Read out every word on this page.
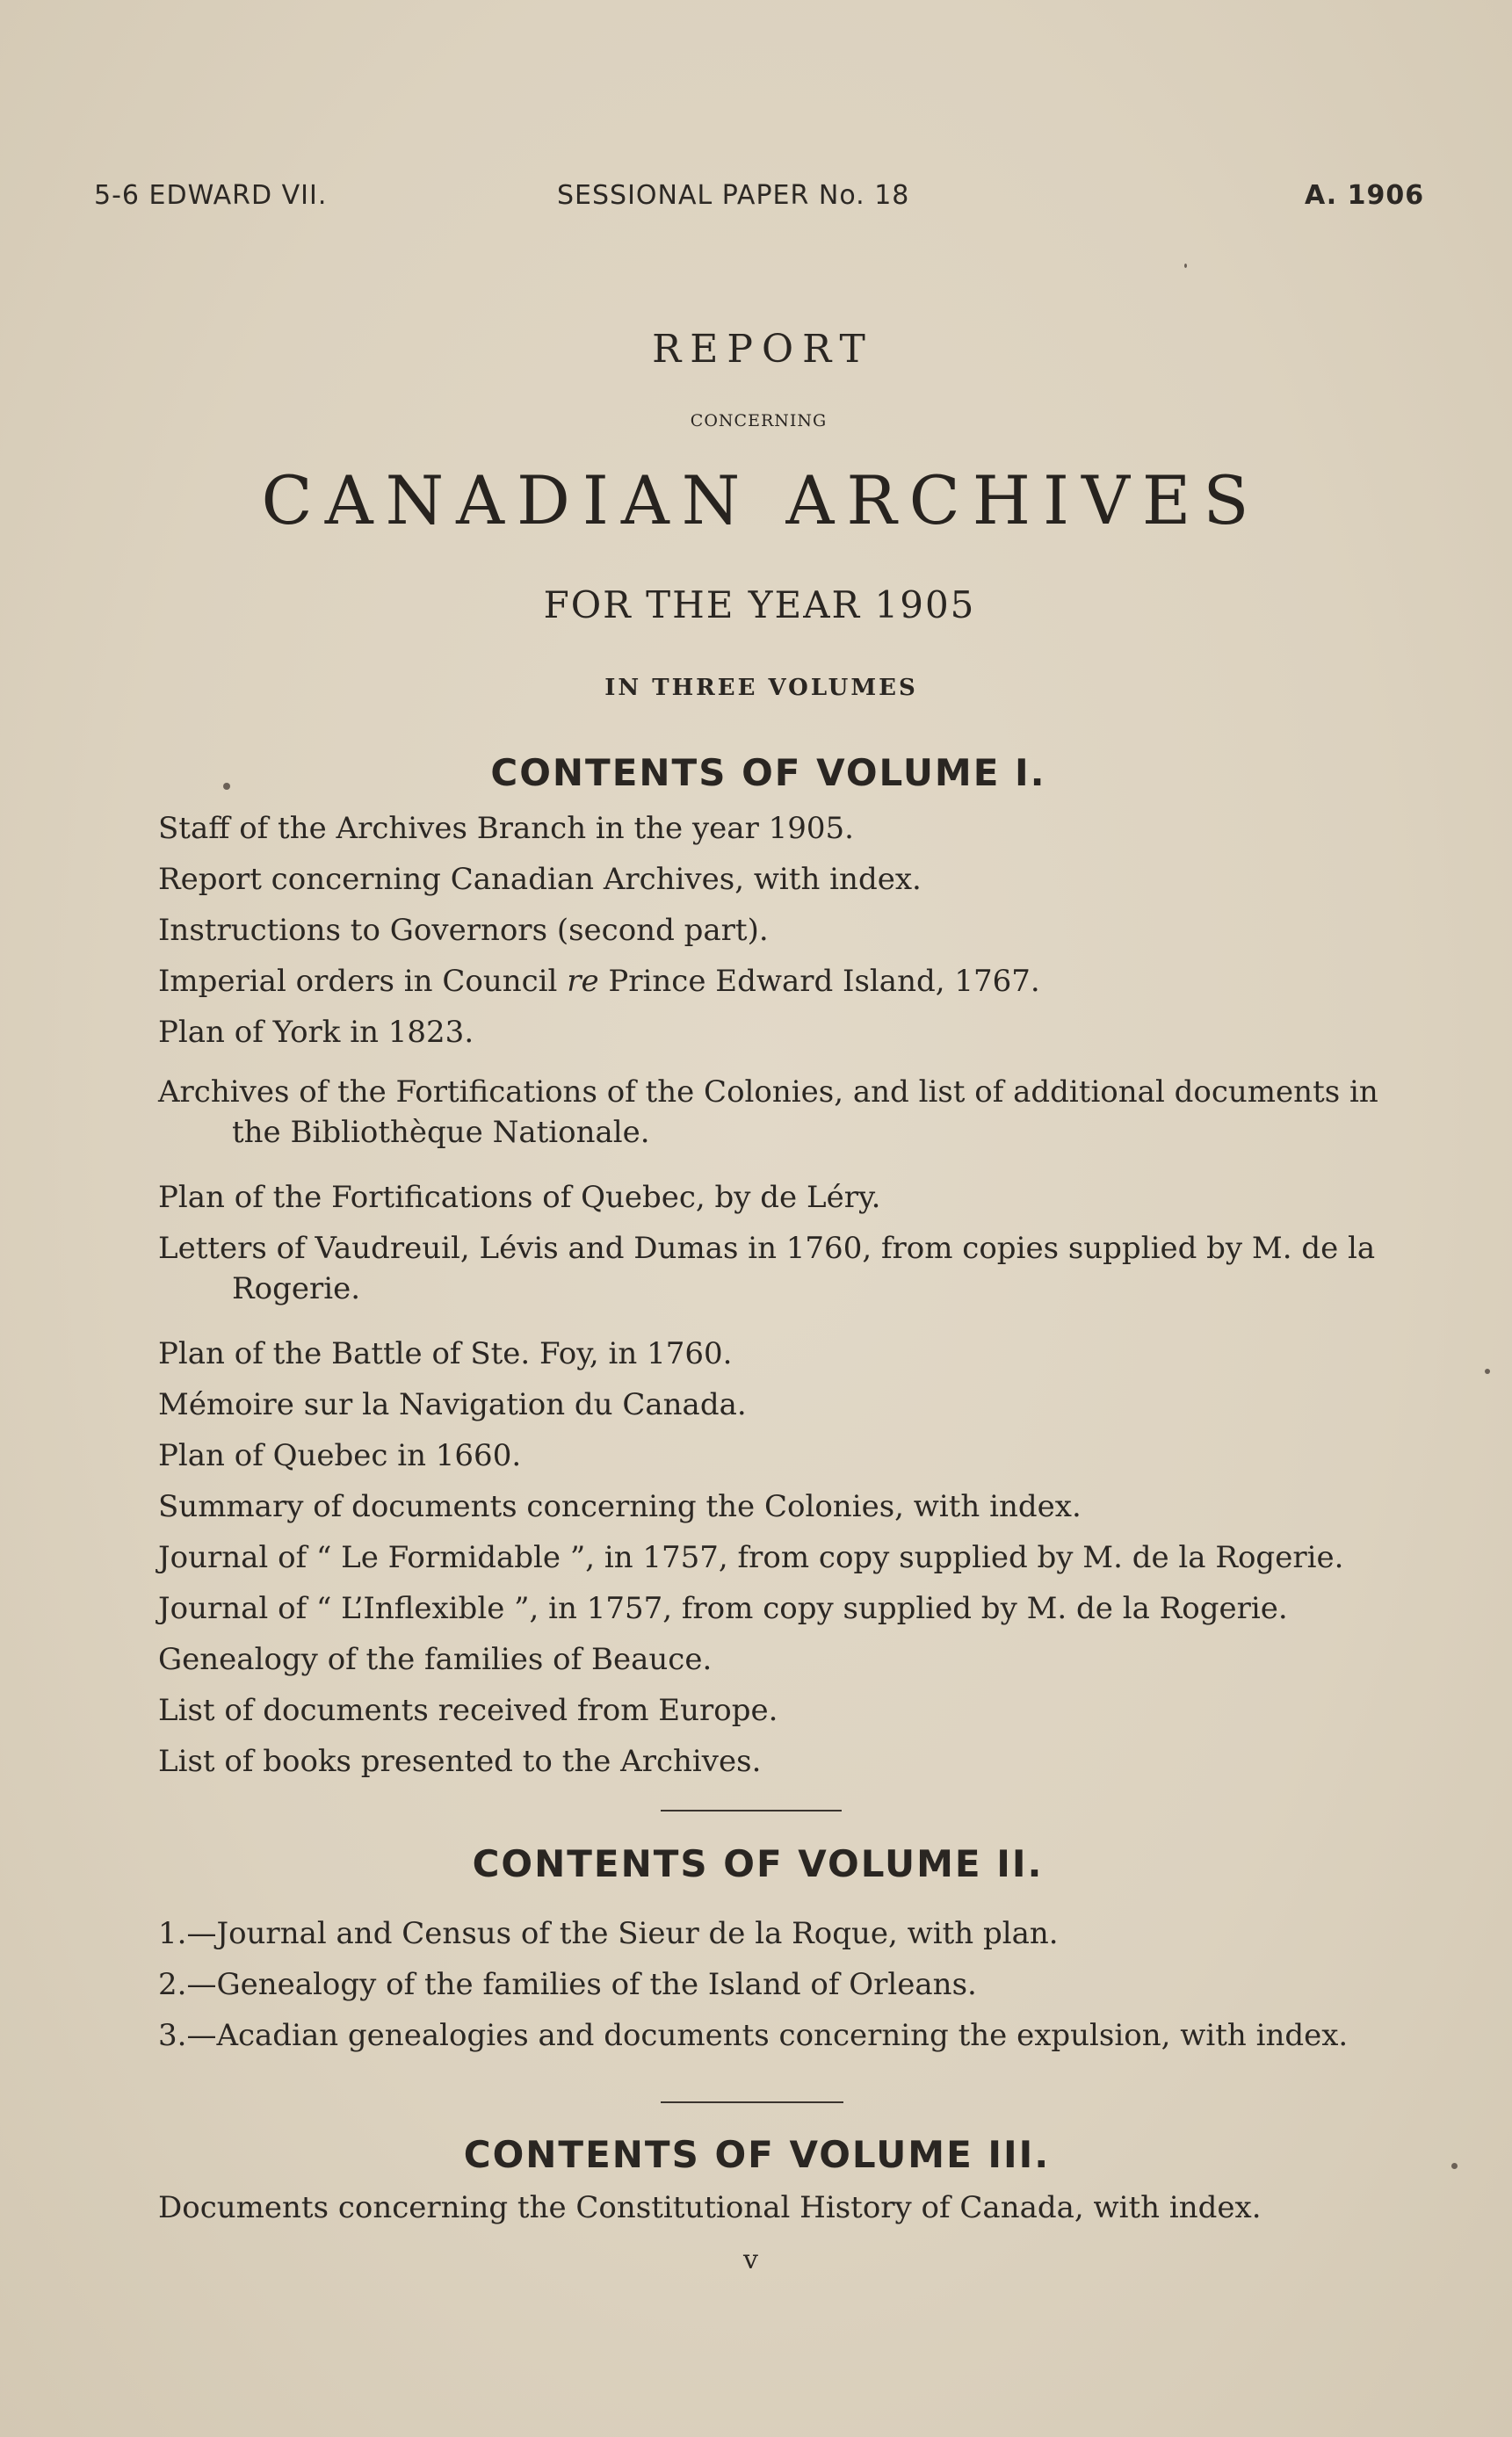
5-6 EDWARD VII.	SESSIONAL PAPER No. 18	A. 1906
REPORT
CONCERNING
CANADIAN ARCHIVES
FOR THE YEAR 1905
IN THREE VOLUMES
CONTENTS OF VOLUME I.
Staff of the Archives Branch in the year 1905.
Report concerning Canadian Archives, with index.
Instructions to Governors (second part).
Imperial orders in Council re Prince Edward Island, 1767.
Plan of York in 1823.
Archives of the Fortifications of the Colonies, and list of additional documents in
the Bibliothèque Nationale.
Plan of the Fortifications of Quebec, by de Léry.
Letters of Vaudreuil, Lévis and Dumas in 1760, from copies supplied by M. de la
Rogerie.
Plan of the Battle of Ste. Foy, in 1760.
Mémoire sur la Navigation du Canada.
Plan of Quebec in 1660.
Summary of documents concerning the Colonies, with index.
Journal of “ Le Formidable ”, in 1757, from copy supplied by M. de la Rogerie.
Journal of “ L’Inflexible ”, in 1757, from copy supplied by M. de la Rogerie.
Genealogy of the families of Beauce.
List of documents received from Europe.
List of books presented to the Archives.
CONTENTS OF VOLUME II.
1.—Journal and Census of the Sieur de la Roque, with plan.
2.—Genealogy of the families of the Island of Orleans.
3.—Acadian genealogies and documents concerning the expulsion, with index.
CONTENTS OF VOLUME III.
Documents concerning the Constitutional History of Canada, with index.
v
